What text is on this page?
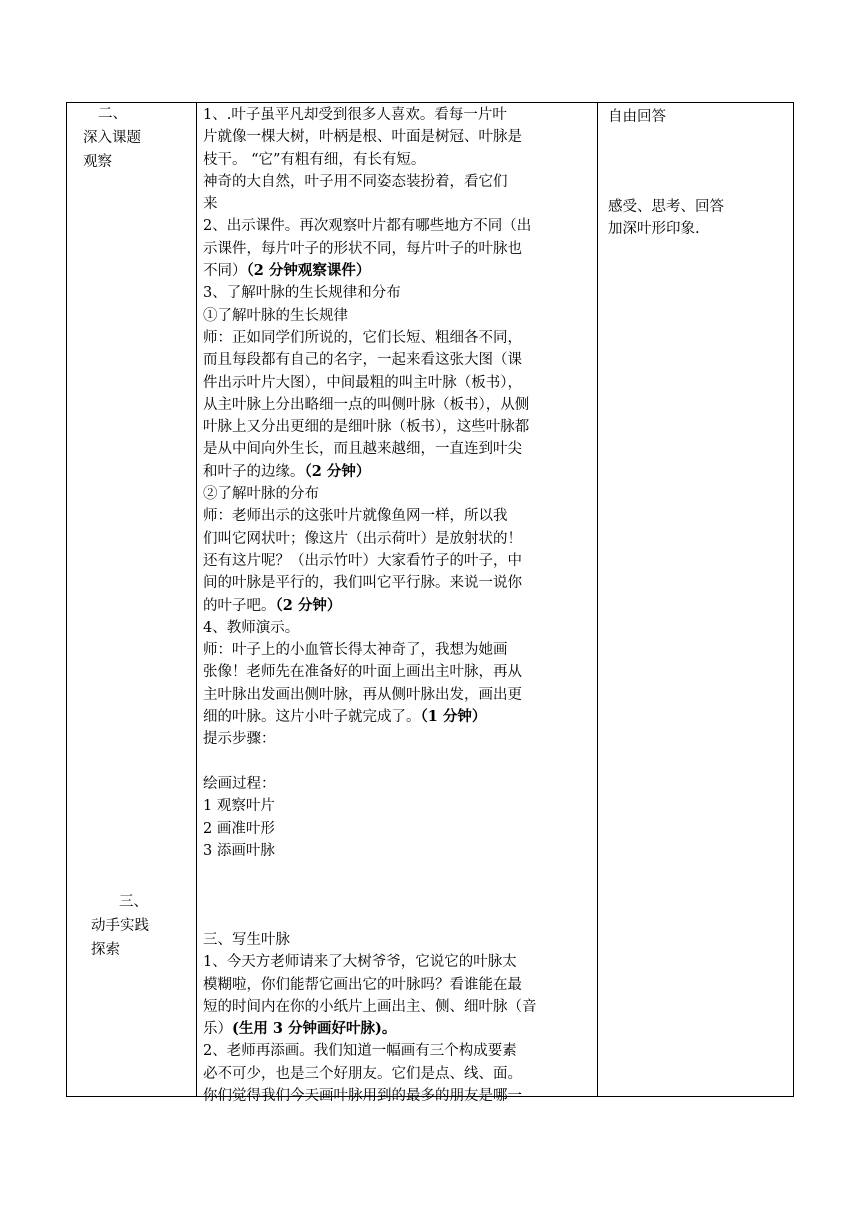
二、
深入课题
观察
三、
动手实践
探索
1、.叶子虽平凡却受到很多人喜欢。看每一片叶
片就像一棵大树，叶柄是根、叶面是树冠、叶脉是
枝干。 “它”有粗有细，有长有短。
神奇的大自然，叶子用不同姿态装扮着，看它们
来
2、出示课件。再次观察叶片都有哪些地方不同（出
示课件，每片叶子的形状不同，每片叶子的叶脉也
不同）（2 分钟观察课件）
3、了解叶脉的生长规律和分布
①了解叶脉的生长规律
师：正如同学们所说的，它们长短、粗细各不同，
而且每段都有自己的名字，一起来看这张大图（课
件出示叶片大图），中间最粗的叫主叶脉（板书），
从主叶脉上分出略细一点的叫侧叶脉（板书），从侧
叶脉上又分出更细的是细叶脉（板书），这些叶脉都
是从中间向外生长，而且越来越细，一直连到叶尖
和叶子的边缘。（2 分钟）
②了解叶脉的分布
师：老师出示的这张叶片就像鱼网一样，所以我
们叫它网状叶；像这片（出示荷叶）是放射状的！
还有这片呢？（出示竹叶）大家看竹子的叶子，中
间的叶脉是平行的，我们叫它平行脉。来说一说你
的叶子吧。（2 分钟）
4、教师演示。
师：叶子上的小血管长得太神奇了，我想为她画
张像！老师先在准备好的叶面上画出主叶脉，再从
主叶脉出发画出侧叶脉，再从侧叶脉出发，画出更
细的叶脉。这片小叶子就完成了。（1 分钟）
提示步骤：
绘画过程：
1 观察叶片
2 画准叶形
3 添画叶脉
三、写生叶脉
1、今天方老师请来了大树爷爷，它说它的叶脉太
模糊啦，你们能帮它画出它的叶脉吗？看谁能在最
短的时间内在你的小纸片上画出主、侧、细叶脉（音
乐）(生用 3 分钟画好叶脉)。
2、老师再添画。我们知道一幅画有三个构成要素
必不可少，也是三个好朋友。它们是点、线、面。
你们觉得我们今天画叶脉用到的最多的朋友是哪一
自由回答
感受、思考、回答
加深叶形印象.
